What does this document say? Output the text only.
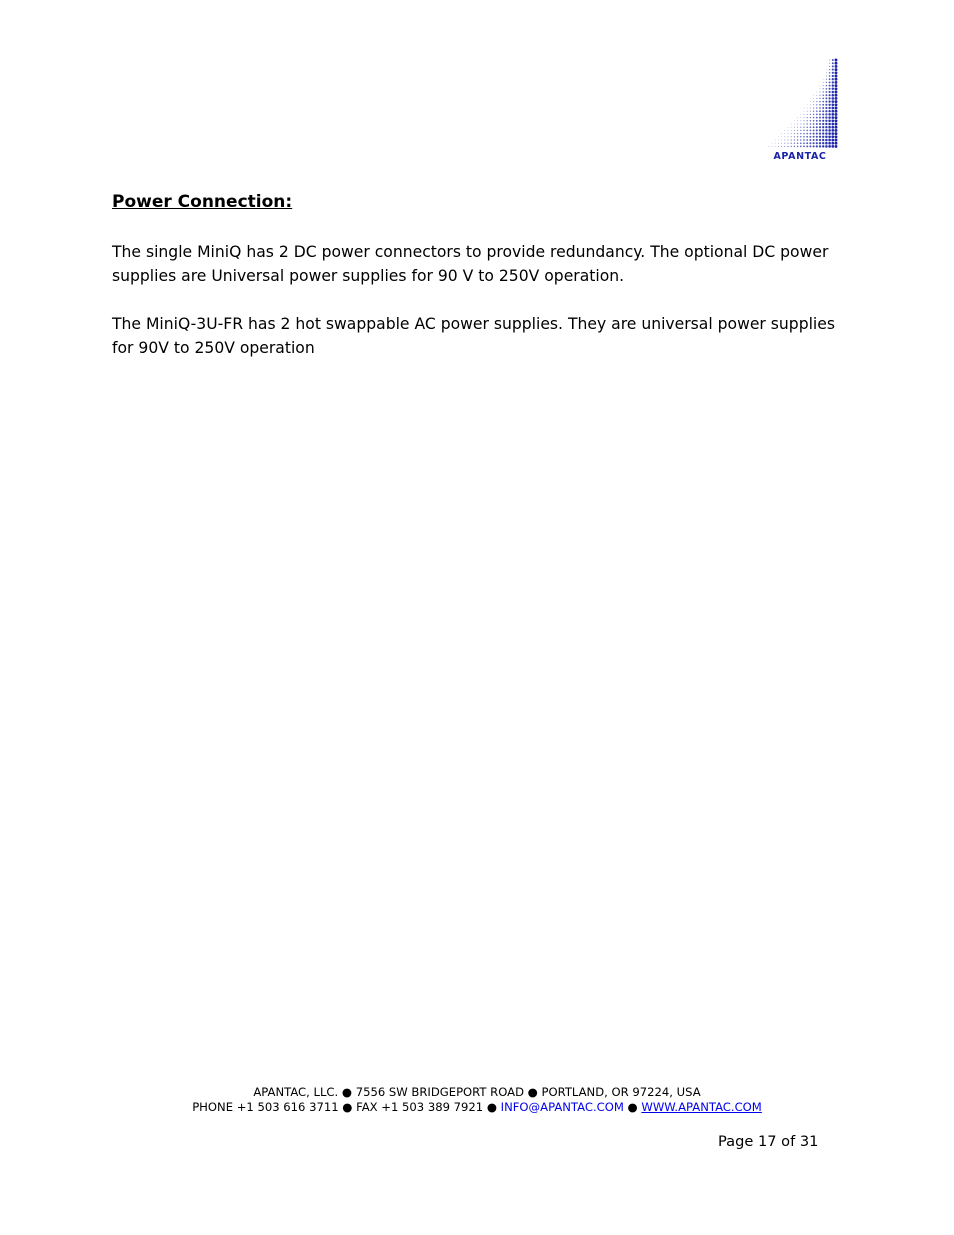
APANTAC
Power Connection:

The single MiniQ has 2 DC power connectors to provide redundancy. The optional DC power supplies are Universal power supplies for 90 V to 250V operation.

The MiniQ-3U-FR has 2 hot swappable AC power supplies. They are universal power supplies for 90V to 250V operation

APANTAC, LLC. ● 7556 SW BRIDGEPORT ROAD ● PORTLAND, OR 97224, USA

PHONE +1 503 616 3711 ● FAX +1 503 389 7921 ● INFO@APANTAC.COM ● WWW.APANTAC.COM

Page 17 of 31
